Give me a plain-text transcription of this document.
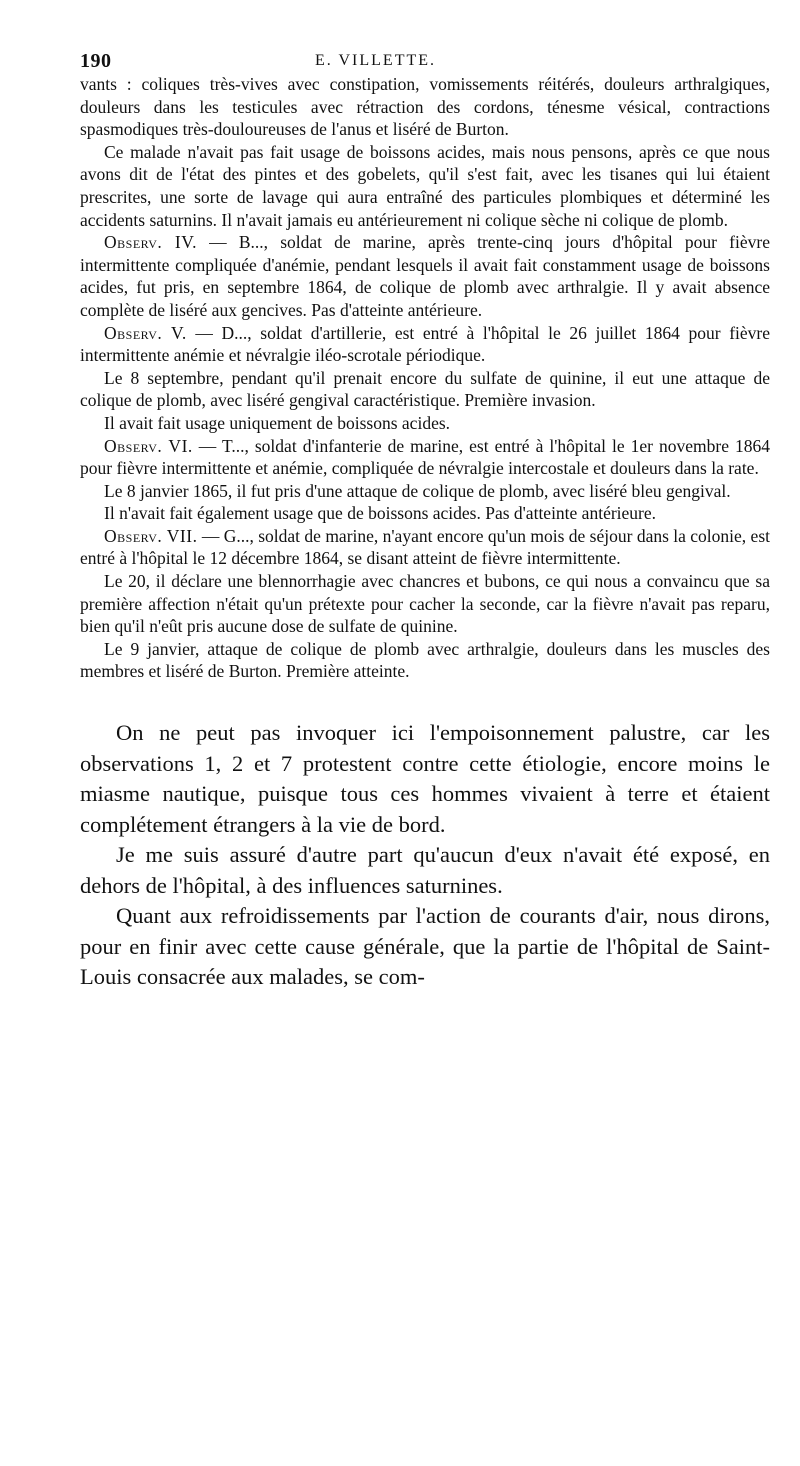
190	E. VILLETTE.

vants : coliques très-vives avec constipation, vomissements réitérés, douleurs arthralgiques, douleurs dans les testicules avec rétraction des cordons, ténesme vésical, contractions spasmodiques très-douloureuses de l'anus et liséré de Burton.

Ce malade n'avait pas fait usage de boissons acides, mais nous pensons, après ce que nous avons dit de l'état des pintes et des gobelets, qu'il s'est fait, avec les tisanes qui lui étaient prescrites, une sorte de lavage qui aura entraîné des particules plombiques et déterminé les accidents saturnins. Il n'avait jamais eu antérieurement ni colique sèche ni colique de plomb.

Observ. IV. — B..., soldat de marine, après trente-cinq jours d'hôpital pour fièvre intermittente compliquée d'anémie, pendant lesquels il avait fait constamment usage de boissons acides, fut pris, en septembre 1864, de colique de plomb avec arthralgie. Il y avait absence complète de liséré aux gencives. Pas d'atteinte antérieure.

Observ. V. — D..., soldat d'artillerie, est entré à l'hôpital le 26 juillet 1864 pour fièvre intermittente anémie et névralgie iléo-scrotale périodique.

Le 8 septembre, pendant qu'il prenait encore du sulfate de quinine, il eut une attaque de colique de plomb, avec liséré gengival caractéristique. Première invasion.

Il avait fait usage uniquement de boissons acides.

Observ. VI. — T..., soldat d'infanterie de marine, est entré à l'hôpital le 1er novembre 1864 pour fièvre intermittente et anémie, compliquée de névralgie intercostale et douleurs dans la rate.

Le 8 janvier 1865, il fut pris d'une attaque de colique de plomb, avec liséré bleu gengival.

Il n'avait fait également usage que de boissons acides. Pas d'atteinte antérieure.

Observ. VII. — G..., soldat de marine, n'ayant encore qu'un mois de séjour dans la colonie, est entré à l'hôpital le 12 décembre 1864, se disant atteint de fièvre intermittente.

Le 20, il déclare une blennorrhagie avec chancres et bubons, ce qui nous a convaincu que sa première affection n'était qu'un prétexte pour cacher la seconde, car la fièvre n'avait pas reparu, bien qu'il n'eût pris aucune dose de sulfate de quinine.

Le 9 janvier, attaque de colique de plomb avec arthralgie, douleurs dans les muscles des membres et liséré de Burton. Première atteinte.

On ne peut pas invoquer ici l'empoisonnement palustre, car les observations 1, 2 et 7 protestent contre cette étiologie, encore moins le miasme nautique, puisque tous ces hommes vivaient à terre et étaient complétement étrangers à la vie de bord.

Je me suis assuré d'autre part qu'aucun d'eux n'avait été exposé, en dehors de l'hôpital, à des influences saturnines.

Quant aux refroidissements par l'action de courants d'air, nous dirons, pour en finir avec cette cause générale, que la partie de l'hôpital de Saint-Louis consacrée aux malades, se com-
